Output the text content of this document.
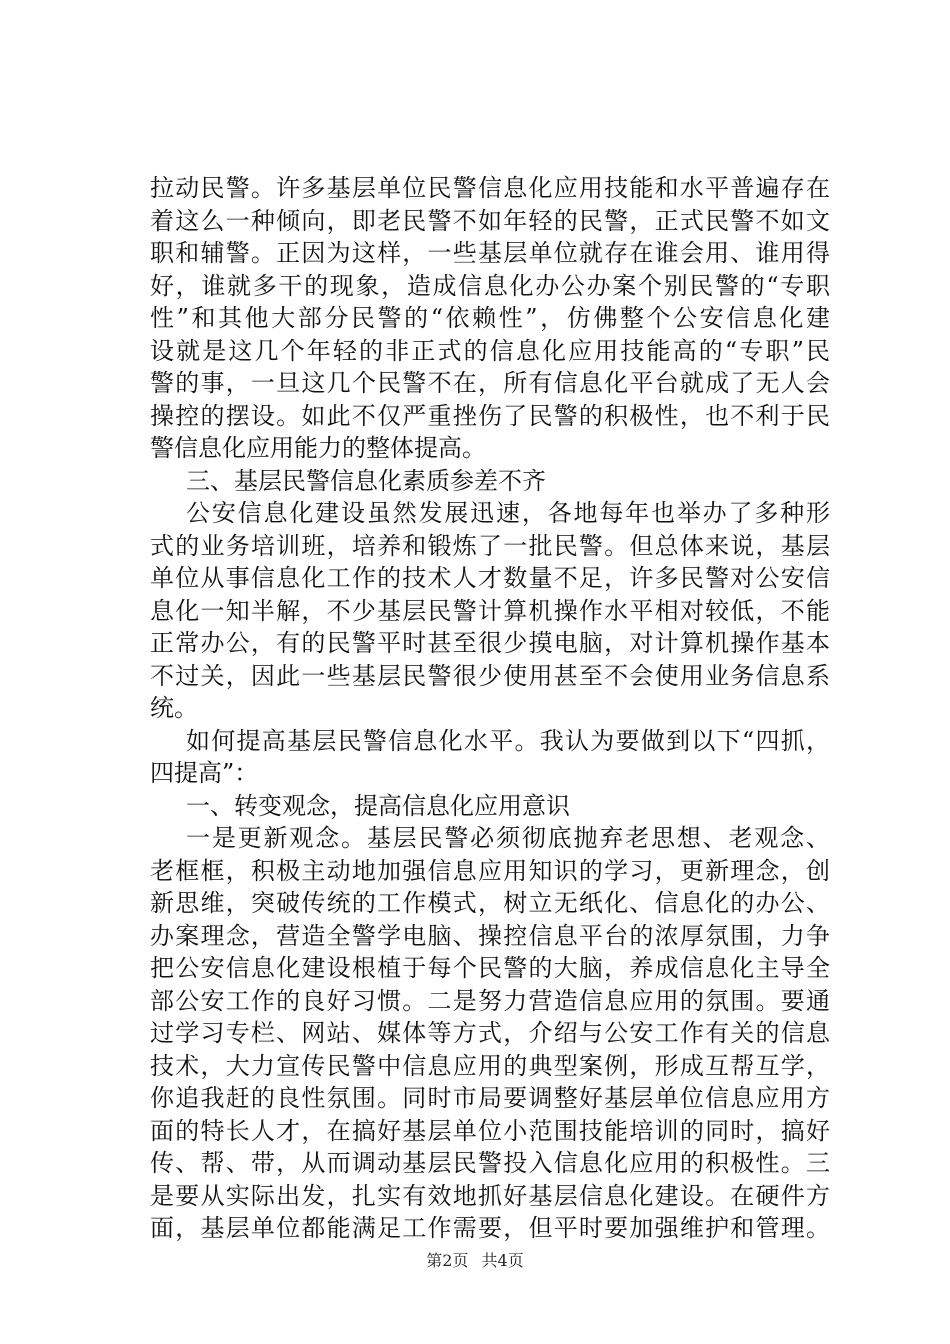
拉动民警。许多基层单位民警信息化应用技能和水平普遍存在
着这么一种倾向，即老民警不如年轻的民警，正式民警不如文
职和辅警。正因为这样，一些基层单位就存在谁会用、谁用得
好，谁就多干的现象，造成信息化办公办案个别民警的“专职
性”和其他大部分民警的“依赖性”，仿佛整个公安信息化建
设就是这几个年轻的非正式的信息化应用技能高的“专职”民
警的事，一旦这几个民警不在，所有信息化平台就成了无人会
操控的摆设。如此不仅严重挫伤了民警的积极性，也不利于民
警信息化应用能力的整体提高。
三、基层民警信息化素质参差不齐
公安信息化建设虽然发展迅速，各地每年也举办了多种形
式的业务培训班，培养和锻炼了一批民警。但总体来说，基层
单位从事信息化工作的技术人才数量不足，许多民警对公安信
息化一知半解，不少基层民警计算机操作水平相对较低，不能
正常办公，有的民警平时甚至很少摸电脑，对计算机操作基本
不过关，因此一些基层民警很少使用甚至不会使用业务信息系
统。
如何提高基层民警信息化水平。我认为要做到以下“四抓，
四提高”：
一、转变观念，提高信息化应用意识
一是更新观念。基层民警必须彻底抛弃老思想、老观念、
老框框，积极主动地加强信息应用知识的学习，更新理念，创
新思维，突破传统的工作模式，树立无纸化、信息化的办公、
办案理念，营造全警学电脑、操控信息平台的浓厚氛围，力争
把公安信息化建设根植于每个民警的大脑，养成信息化主导全
部公安工作的良好习惯。二是努力营造信息应用的氛围。要通
过学习专栏、网站、媒体等方式，介绍与公安工作有关的信息
技术，大力宣传民警中信息应用的典型案例，形成互帮互学，
你追我赶的良性氛围。同时市局要调整好基层单位信息应用方
面的特长人才，在搞好基层单位小范围技能培训的同时，搞好
传、帮、带，从而调动基层民警投入信息化应用的积极性。三
是要从实际出发，扎实有效地抓好基层信息化建设。在硬件方
面，基层单位都能满足工作需要，但平时要加强维护和管理。
第2页 共4页
